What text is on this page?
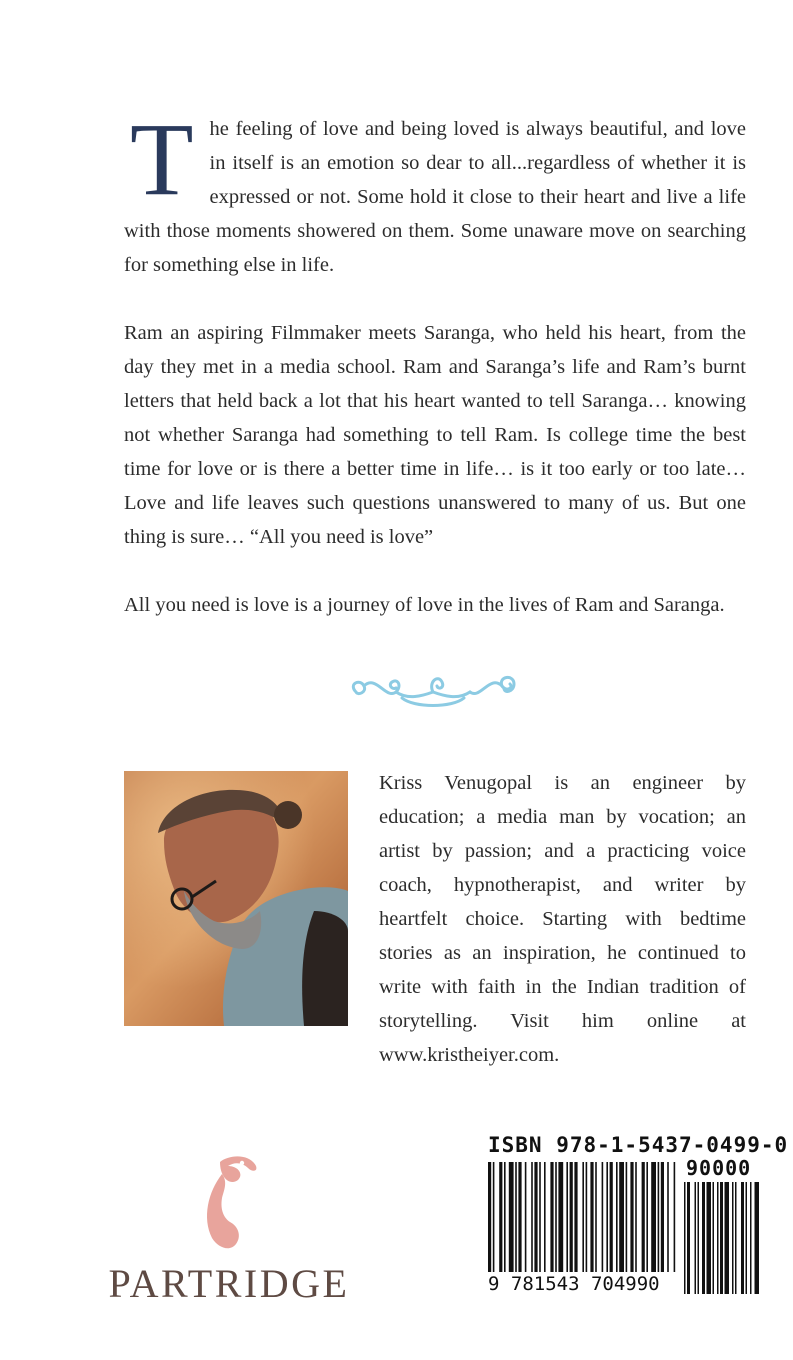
The feeling of love and being loved is always beautiful, and love in itself is an emotion so dear to all...regardless of whether it is expressed or not. Some hold it close to their heart and live a life with those moments showered on them. Some unaware move on searching for something else in life.

Ram an aspiring Filmmaker meets Saranga, who held his heart, from the day they met in a media school. Ram and Saranga’s life and Ram’s burnt letters that held back a lot that his heart wanted to tell Saranga… knowing not whether Saranga had something to tell Ram. Is college time the best time for love or is there a better time in life… is it too early or too late… Love and life leaves such questions unanswered to many of us. But one thing is sure… “All you need is love”

All you need is love is a journey of love in the lives of Ram and Saranga.

Kriss Venugopal is an engineer by education; a media man by vocation; an artist by passion; and a practicing voice coach, hypnotherapist, and writer by heartfelt choice. Starting with bedtime stories as an inspiration, he continued to write with faith in the Indian tradition of storytelling. Visit him online at www.kristheiyer.com.

PARTRIDGE
ISBN 978-1-5437-0499-0
90000
9 781543 704990
